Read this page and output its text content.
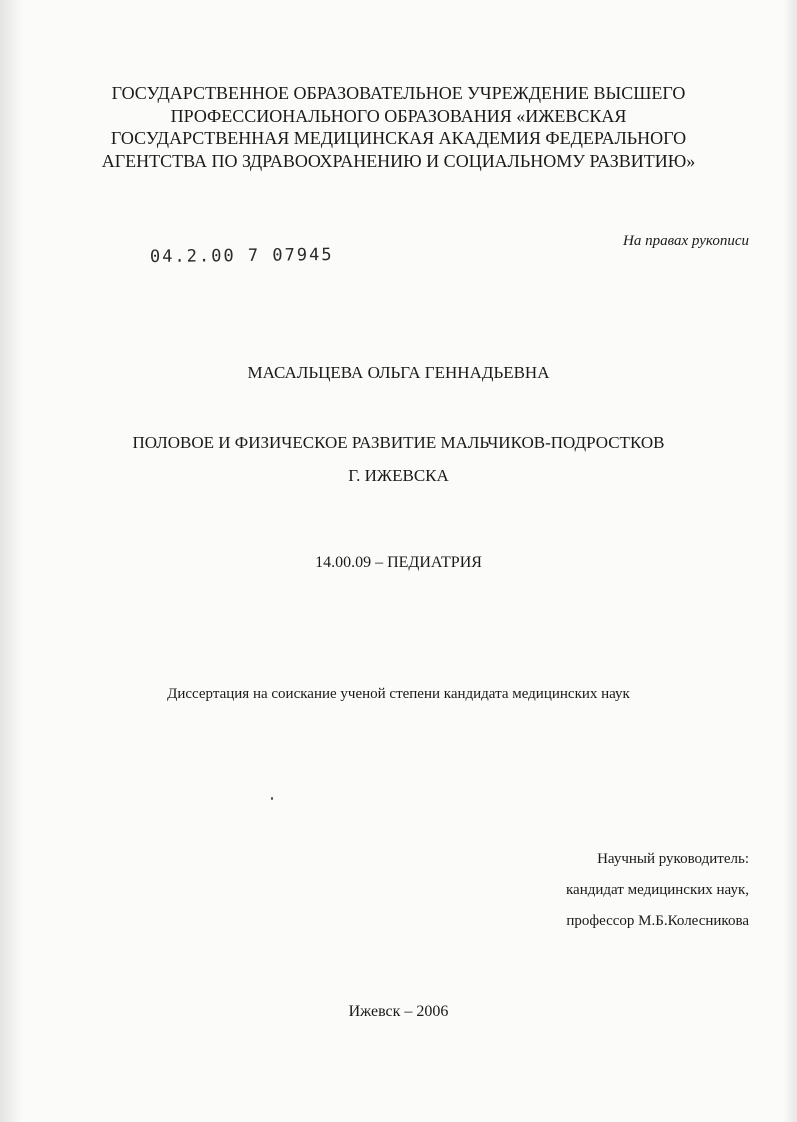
ГОСУДАРСТВЕННОЕ ОБРАЗОВАТЕЛЬНОЕ УЧРЕЖДЕНИЕ ВЫСШЕГО
ПРОФЕССИОНАЛЬНОГО ОБРАЗОВАНИЯ «ИЖЕВСКАЯ
ГОСУДАРСТВЕННАЯ МЕДИЦИНСКАЯ АКАДЕМИЯ ФЕДЕРАЛЬНОГО
АГЕНТСТВА ПО ЗДРАВООХРАНЕНИЮ И СОЦИАЛЬНОМУ РАЗВИТИЮ»
04.2.00 7 07945
На правах рукописи
МАСАЛЬЦЕВА ОЛЬГА ГЕННАДЬЕВНА
ПОЛОВОЕ И ФИЗИЧЕСКОЕ РАЗВИТИЕ МАЛЬЧИКОВ-ПОДРОСТКОВ
Г. ИЖЕВСКА
14.00.09 – ПЕДИАТРИЯ
Диссертация на соискание ученой степени кандидата медицинских наук
Научный руководитель:
кандидат медицинских наук,
профессор М.Б.Колесникова
Ижевск – 2006
